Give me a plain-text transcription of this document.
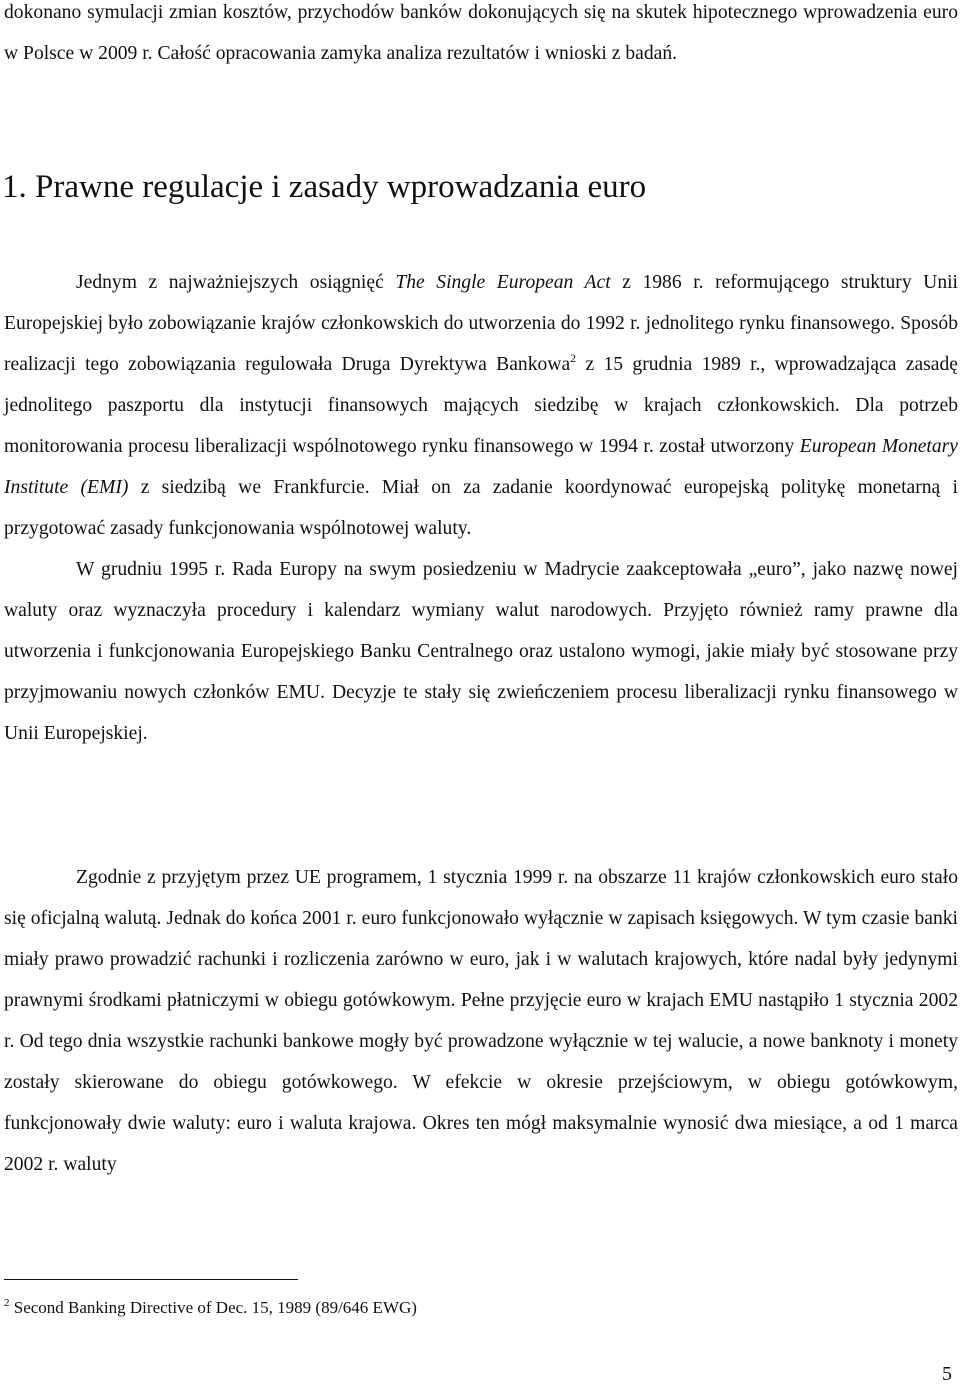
dokonano symulacji zmian kosztów, przychodów banków dokonujących się na skutek hipotecznego wprowadzenia euro w Polsce w 2009 r. Całość opracowania zamyka analiza rezultatów i wnioski z badań.

1. Prawne regulacje i zasady wprowadzania euro

Jednym z najważniejszych osiągnięć The Single European Act z 1986 r. reformującego struktury Unii Europejskiej było zobowiązanie krajów członkowskich do utworzenia do 1992 r. jednolitego rynku finansowego. Sposób realizacji tego zobowiązania regulowała Druga Dyrektywa Bankowa$^2$ z 15 grudnia 1989 r., wprowadzająca zasadę jednolitego paszportu dla instytucji finansowych mających siedzibę w krajach członkowskich. Dla potrzeb monitorowania procesu liberalizacji wspólnotowego rynku finansowego w 1994 r. został utworzony European Monetary Institute (EMI) z siedzibą we Frankfurcie. Miał on za zadanie koordynować europejską politykę monetarną i przygotować zasady funkcjonowania wspólnotowej waluty.

W grudniu 1995 r. Rada Europy na swym posiedzeniu w Madrycie zaakceptowała „euro”, jako nazwę nowej waluty oraz wyznaczyła procedury i kalendarz wymiany walut narodowych. Przyjęto również ramy prawne dla utworzenia i funkcjonowania Europejskiego Banku Centralnego oraz ustalono wymogi, jakie miały być stosowane przy przyjmowaniu nowych członków EMU. Decyzje te stały się zwieńczeniem procesu liberalizacji rynku finansowego w Unii Europejskiej.

Zgodnie z przyjętym przez UE programem, 1 stycznia 1999 r. na obszarze 11 krajów członkowskich euro stało się oficjalną walutą. Jednak do końca 2001 r. euro funkcjonowało wyłącznie w zapisach księgowych. W tym czasie banki miały prawo prowadzić rachunki i rozliczenia zarówno w euro, jak i w walutach krajowych, które nadal były jedynymi prawnymi środkami płatniczymi w obiegu gotówkowym. Pełne przyjęcie euro w krajach EMU nastąpiło 1 stycznia 2002 r. Od tego dnia wszystkie rachunki bankowe mogły być prowadzone wyłącznie w tej walucie, a nowe banknoty i monety zostały skierowane do obiegu gotówkowego. W efekcie w okresie przejściowym, w obiegu gotówkowym, funkcjonowały dwie waluty: euro i waluta krajowa. Okres ten mógł maksymalnie wynosić dwa miesiące, a od 1 marca 2002 r. waluty

$^2$ Second Banking Directive of Dec. 15, 1989 (89/646 EWG)
5
